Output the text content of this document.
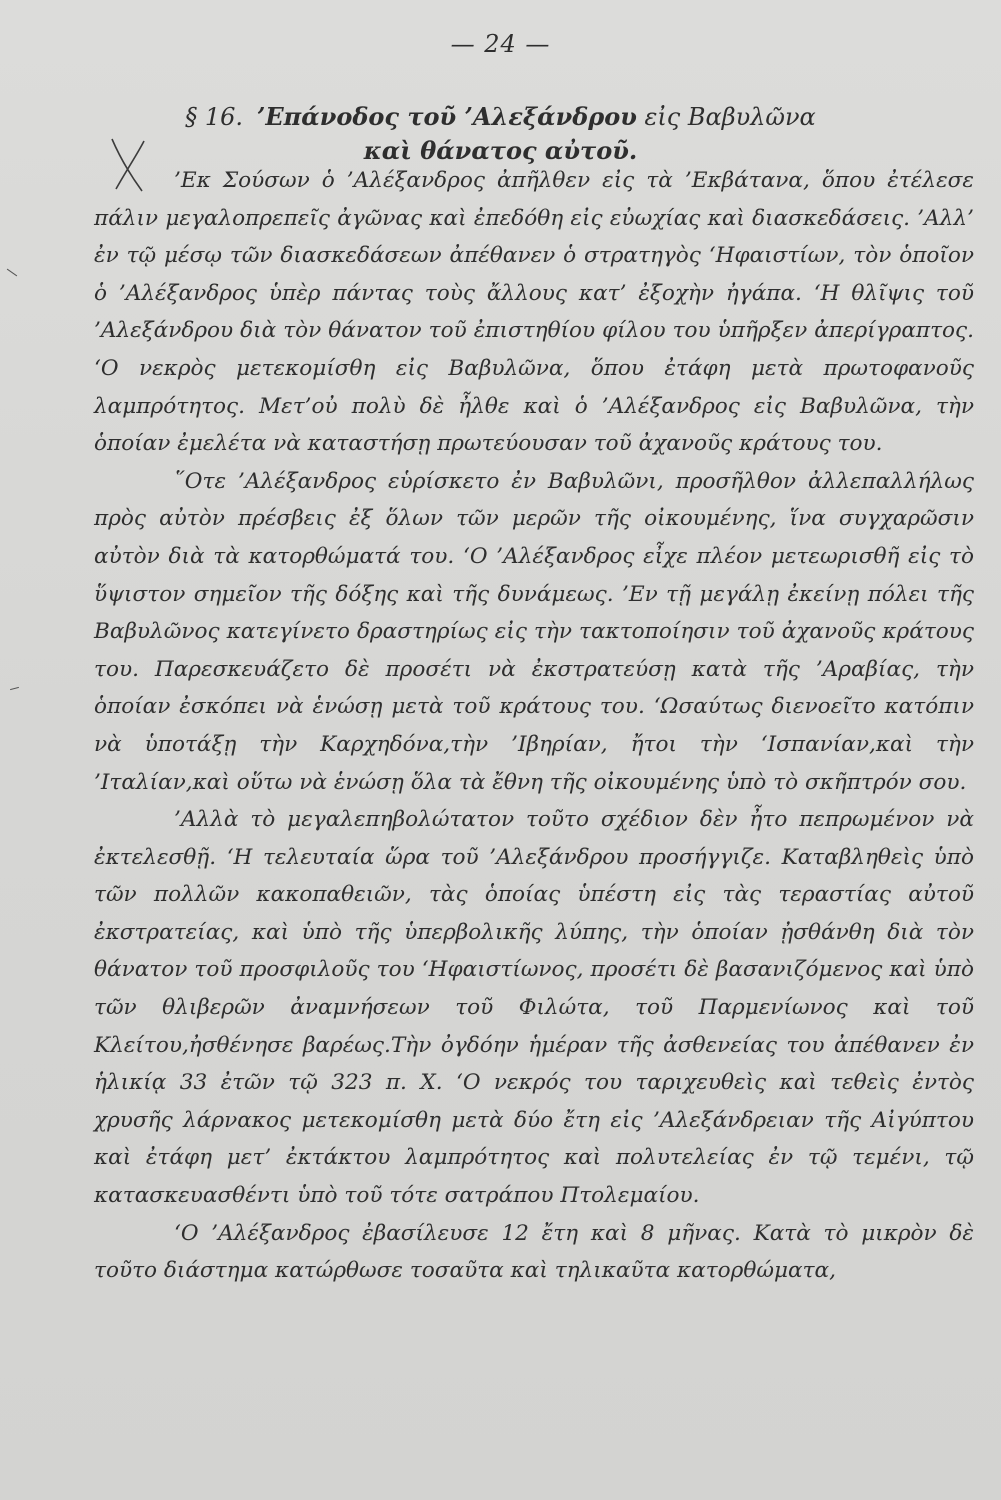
— 24 —
§ 16. ’Επάνοδος τοῦ ’Αλεξάνδρου εἰς Βαβυλῶνα
καὶ θάνατος αὐτοῦ.

’Εκ Σούσων ὁ ’Αλέξανδρος ἀπῆλθεν εἰς τὰ ’Εκβάτανα, ὅπου ἐτέλεσε πάλιν μεγαλοπρεπεῖς ἀγῶνας καὶ ἐπεδόθη εἰς εὐωχίας καὶ διασκεδάσεις. ’Αλλ’ ἐν τῷ μέσῳ τῶν διασκεδάσεων ἀπέθανεν ὁ στρατηγὸς ‘Ηφαιστίων, τὸν ὁποῖον ὁ ’Αλέξανδρος ὑπὲρ πάντας τοὺς ἄλλους κατ’ ἐξοχὴν ἠγάπα. ‘Η θλῖψις τοῦ ’Αλεξάνδρου διὰ τὸν θάνατον τοῦ ἐπιστηθίου φίλου του ὑπῆρξεν ἀπερίγραπτος. ‘Ο νεκρὸς μετεκομίσθη εἰς Βαβυλῶνα, ὅπου ἐτάφη μετὰ πρωτοφανοῦς λαμπρότητος. Μετ’οὐ πολὺ δὲ ἦλθε καὶ ὁ ’Αλέξανδρος εἰς Βαβυλῶνα, τὴν ὁποίαν ἐμελέτα νὰ καταστήσῃ πρωτεύουσαν τοῦ ἀχανοῦς κράτους του.

῞Οτε ’Αλέξανδρος εὑρίσκετο ἐν Βαβυλῶνι, προσῆλθον ἀλλεπαλλήλως πρὸς αὐτὸν πρέσβεις ἐξ ὅλων τῶν μερῶν τῆς οἰκουμένης, ἵνα συγχαρῶσιν αὐτὸν διὰ τὰ κατορθώματά του. ‘Ο ’Αλέξανδρος εἶχε πλέον μετεωρισθῆ εἰς τὸ ὕψιστον σημεῖον τῆς δόξης καὶ τῆς δυνάμεως. ’Εν τῇ μεγάλῃ ἐκείνῃ πόλει τῆς Βαβυλῶνος κατεγίνετο δραστηρίως εἰς τὴν τακτοποίησιν τοῦ ἀχανοῦς κράτους του. Παρεσκευάζετο δὲ προσέτι νὰ ἐκστρατεύσῃ κατὰ τῆς ’Αραβίας, τὴν ὁποίαν ἐσκόπει νὰ ἑνώσῃ μετὰ τοῦ κράτους του. ‘Ωσαύτως διενοεῖτο κατόπιν νὰ ὑποτάξῃ τὴν Καρχηδόνα,τὴν ’Ιβηρίαν, ἤτοι τὴν ‘Ισπανίαν,καὶ τὴν ’Ιταλίαν,καὶ οὕτω νὰ ἑνώσῃ ὅλα τὰ ἔθνη τῆς οἰκουμένης ὑπὸ τὸ σκῆπτρόν σου.

’Αλλὰ τὸ μεγαλεπηβολώτατον τοῦτο σχέδιον δὲν ἦτο πεπρωμένον νὰ ἐκτελεσθῇ. ‘Η τελευταία ὥρα τοῦ ’Αλεξάνδρου προσήγγιζε. Καταβληθεὶς ὑπὸ τῶν πολλῶν κακοπαθειῶν, τὰς ὁποίας ὑπέστη εἰς τὰς τεραστίας αὐτοῦ ἐκστρατείας, καὶ ὑπὸ τῆς ὑπερβολικῆς λύπης, τὴν ὁποίαν ᾐσθάνθη διὰ τὸν θάνατον τοῦ προσφιλοῦς του ‘Ηφαιστίωνος, προσέτι δὲ βασανιζόμενος καὶ ὑπὸ τῶν θλιβερῶν ἀναμνήσεων τοῦ Φιλώτα, τοῦ Παρμενίωνος καὶ τοῦ Κλείτου,ἠσθένησε βαρέως.Τὴν ὀγδόην ἡμέραν τῆς ἀσθενείας του ἀπέθανεν ἐν ἡλικίᾳ 33 ἐτῶν τῷ 323 π. Χ. ‘Ο νεκρός του ταριχευθεὶς καὶ τεθεὶς ἐντὸς χρυσῆς λάρνακος μετεκομίσθη μετὰ δύο ἔτη εἰς ’Αλεξάνδρειαν τῆς Αἰγύπτου καὶ ἐτάφη μετ’ ἐκτάκτου λαμπρότητος καὶ πολυτελείας ἐν τῷ τεμένι, τῷ κατασκευασθέντι ὑπὸ τοῦ τότε σατράπου Πτολεμαίου.

‘Ο ’Αλέξανδρος ἐβασίλευσε 12 ἔτη καὶ 8 μῆνας. Κατὰ τὸ μικρὸν δὲ τοῦτο διάστημα κατώρθωσε τοσαῦτα καὶ τηλικαῦτα κατορθώματα,
